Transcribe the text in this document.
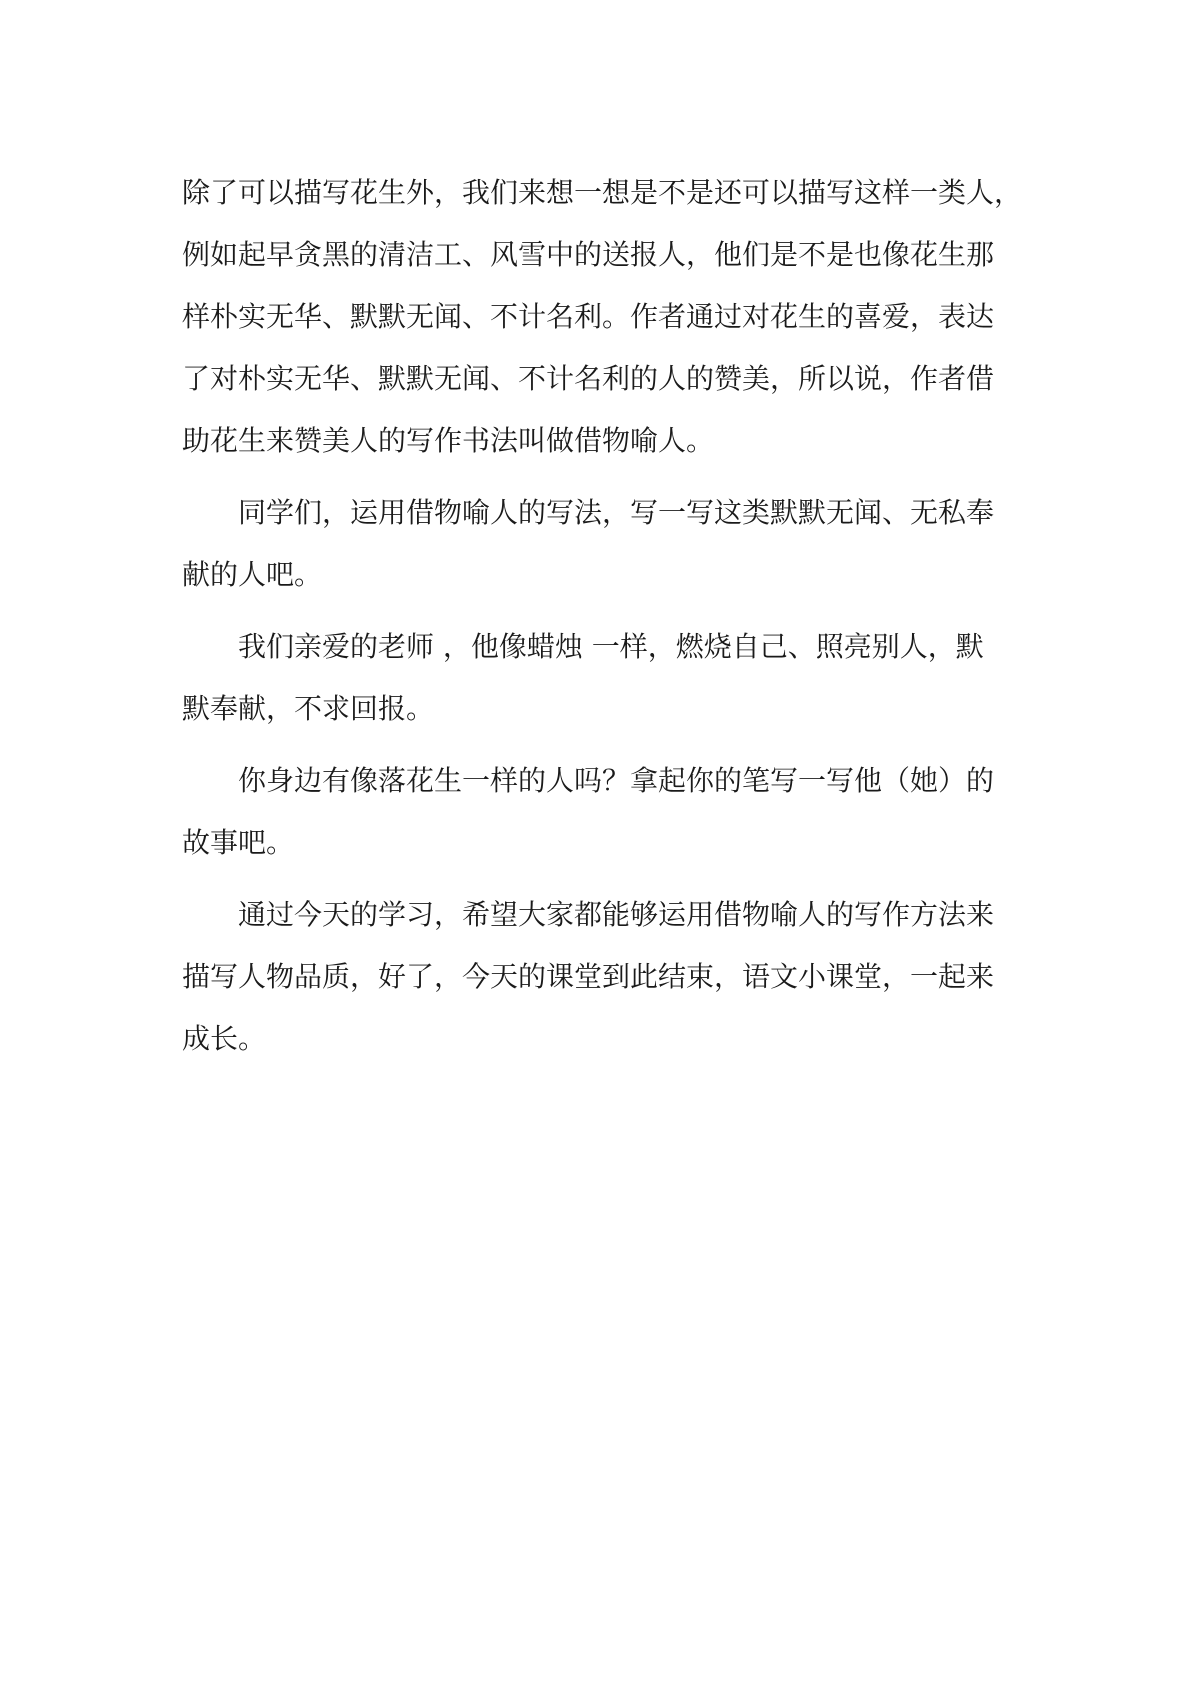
除了可以描写花生外，我们来想一想是不是还可以描写这样一类人，
例如起早贪黑的清洁工、风雪中的送报人，他们是不是也像花生那
样朴实无华、默默无闻、不计名利。作者通过对花生的喜爱，表达
了对朴实无华、默默无闻、不计名利的人的赞美，所以说，作者借
助花生来赞美人的写作书法叫做借物喻人。

同学们，运用借物喻人的写法，写一写这类默默无闻、无私奉
献的人吧。

我们亲爱的老师 ，他像蜡烛 一样，燃烧自己、照亮别人，默
默奉献，不求回报。

你身边有像落花生一样的人吗？拿起你的笔写一写他（她）的
故事吧。

通过今天的学习，希望大家都能够运用借物喻人的写作方法来
描写人物品质，好了，今天的课堂到此结束，语文小课堂，一起来
成长。
